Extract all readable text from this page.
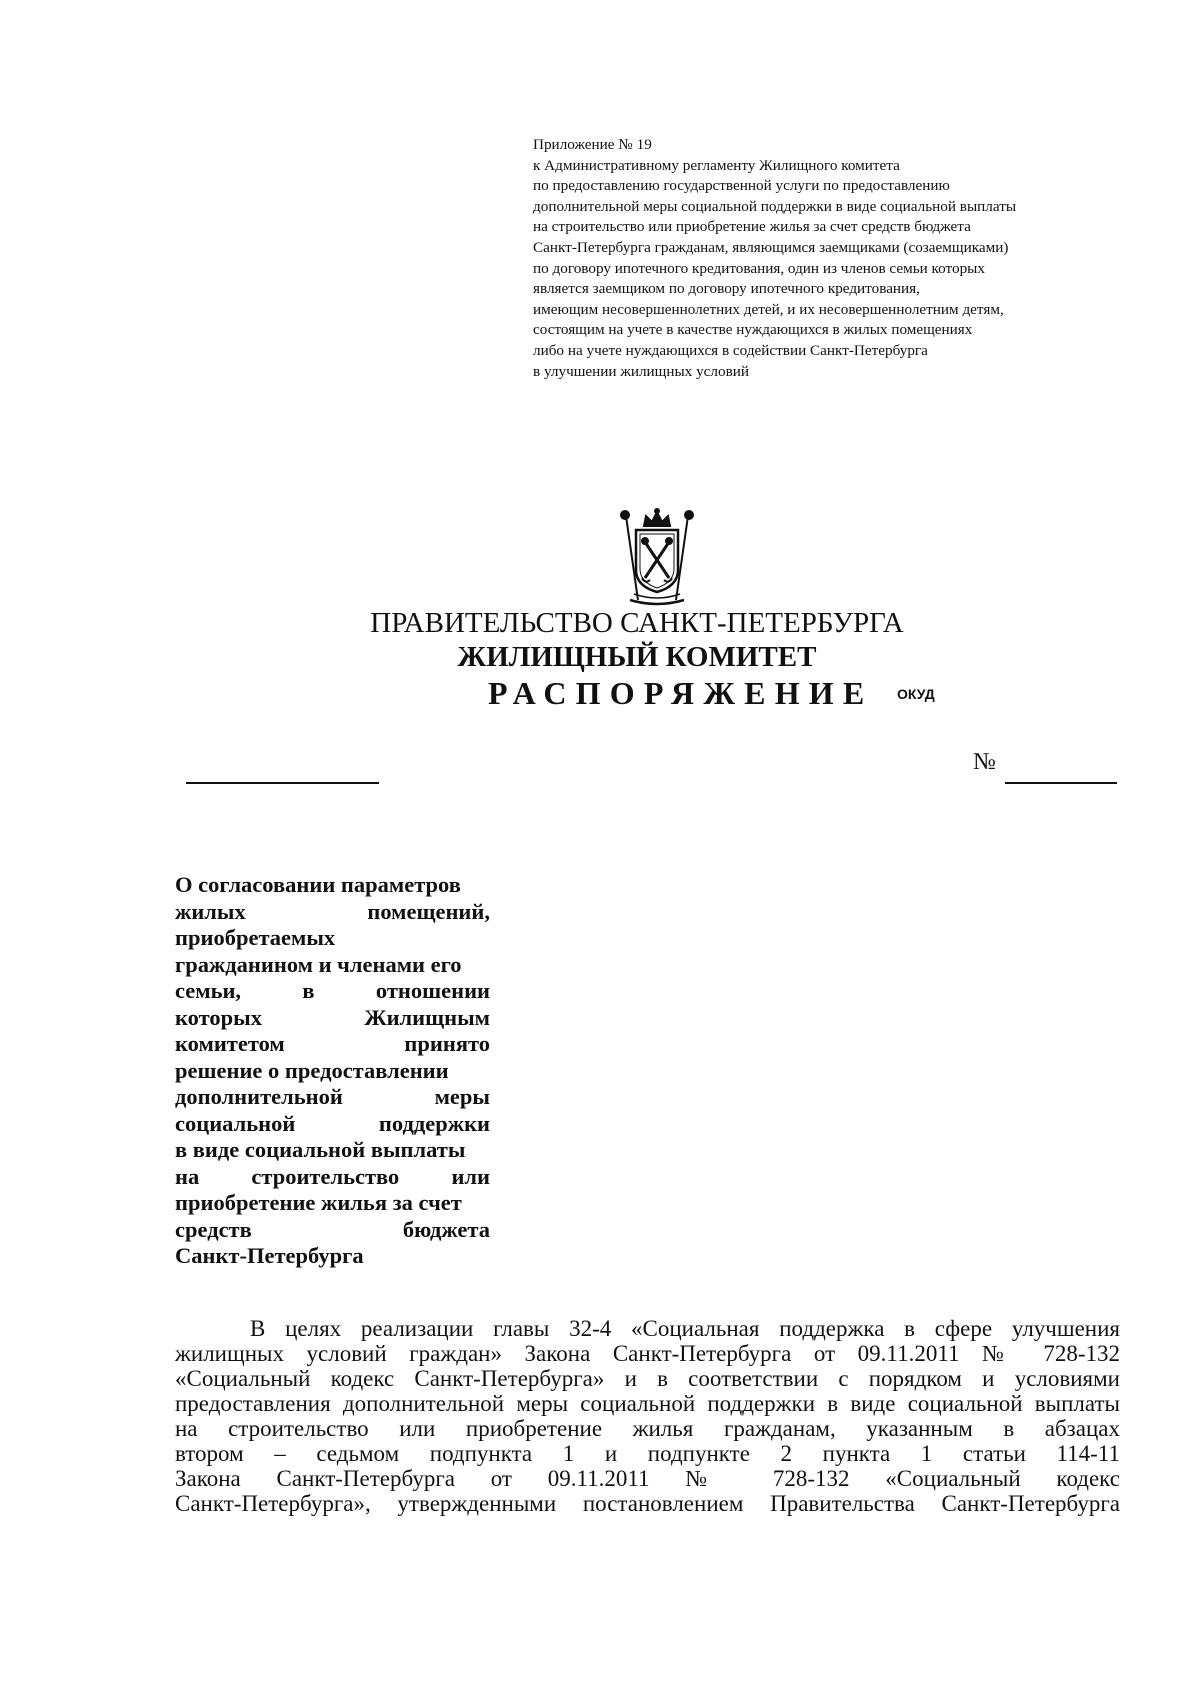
Приложение № 19
к Административному регламенту Жилищного комитета
по предоставлению государственной услуги по предоставлению
дополнительной меры социальной поддержки в виде социальной выплаты
на строительство или приобретение жилья за счет средств бюджета
Санкт-Петербурга гражданам, являющимся заемщиками (созаемщиками)
по договору ипотечного кредитования, один из членов семьи которых
является заемщиком по договору ипотечного кредитования,
имеющим несовершеннолетних детей, и их несовершеннолетним детям,
состоящим на учете в качестве нуждающихся в жилых помещениях
либо на учете нуждающихся в содействии Санкт-Петербурга
в улучшении жилищных условий
ПРАВИТЕЛЬСТВО САНКТ-ПЕТЕРБУРГА
ЖИЛИЩНЫЙ КОМИТЕТ
РАСПОРЯЖЕНИЕ ОКУД
№
О согласовании параметров
жилых помещений,
приобретаемых
гражданином и членами его
семьи, в отношении
которых Жилищным
комитетом принято
решение о предоставлении
дополнительной меры
социальной поддержки
в виде социальной выплаты
на строительство или
приобретение жилья за счет
средств бюджета
Санкт-Петербурга
В целях реализации главы 32-4 «Социальная поддержка в сфере улучшения
жилищных условий граждан» Закона Санкт-Петербурга от 09.11.2011 № 728-132
«Социальный кодекс Санкт-Петербурга» и в соответствии с порядком и условиями
предоставления дополнительной меры социальной поддержки в виде социальной выплаты
на строительство или приобретение жилья гражданам, указанным в абзацах
втором – седьмом подпункта 1 и подпункте 2 пункта 1 статьи 114-11
Закона Санкт-Петербурга от 09.11.2011 № 728-132 «Социальный кодекс
Санкт-Петербурга», утвержденными постановлением Правительства Санкт-Петербурга
